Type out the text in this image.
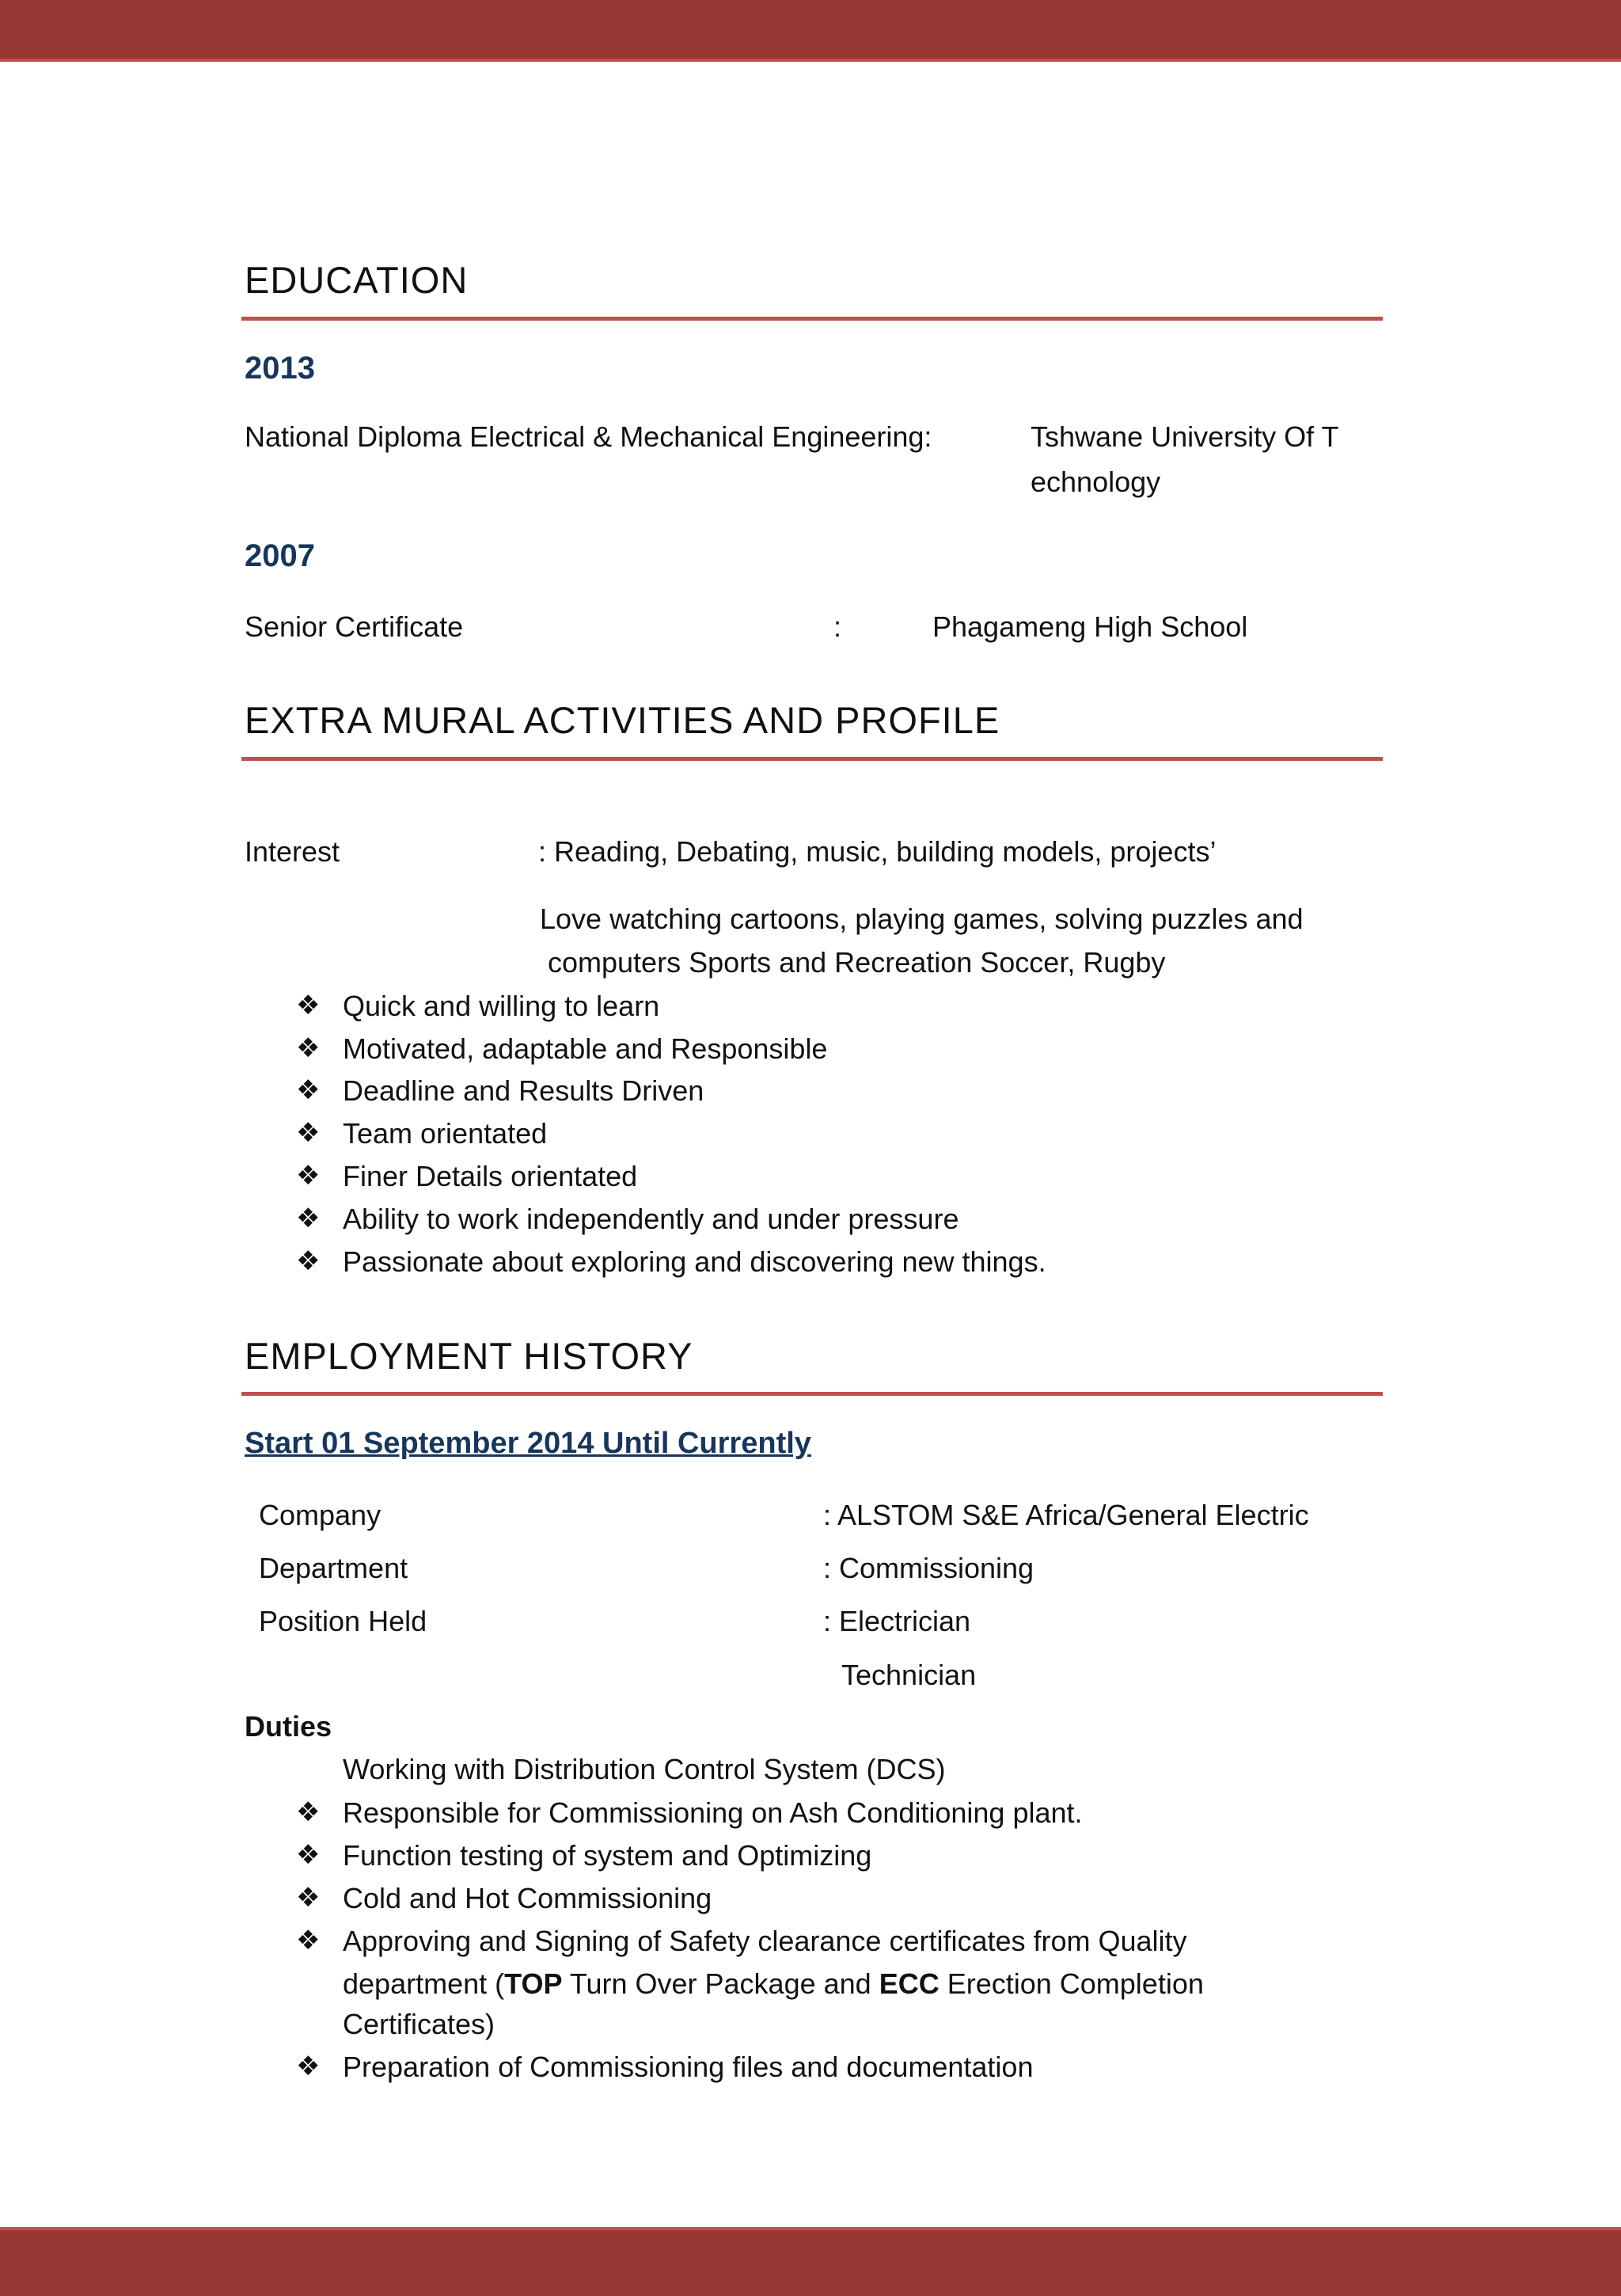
EDUCATION
2013
National Diploma Electrical & Mechanical Engineering:	Tshwane University Of T
echnology
2007
Senior Certificate	:	Phagameng High School
EXTRA MURAL ACTIVITIES AND PROFILE
Interest	: Reading, Debating, music, building models, projects’
Love watching cartoons, playing games, solving puzzles and
computers Sports and Recreation Soccer, Rugby
❖ Quick and willing to learn
❖ Motivated, adaptable and Responsible
❖ Deadline and Results Driven
❖ Team orientated
❖ Finer Details orientated
❖ Ability to work independently and under pressure
❖ Passionate about exploring and discovering new things.
EMPLOYMENT HISTORY
Start 01 September 2014 Until Currently
Company	: ALSTOM S&E Africa/General Electric
Department	: Commissioning
Position Held	: Electrician
Technician
Duties
Working with Distribution Control System (DCS)
❖ Responsible for Commissioning on Ash Conditioning plant.
❖ Function testing of system and Optimizing
❖ Cold and Hot Commissioning
❖ Approving and Signing of Safety clearance certificates from Quality
department (TOP Turn Over Package and ECC Erection Completion
Certificates)
❖ Preparation of Commissioning files and documentation
